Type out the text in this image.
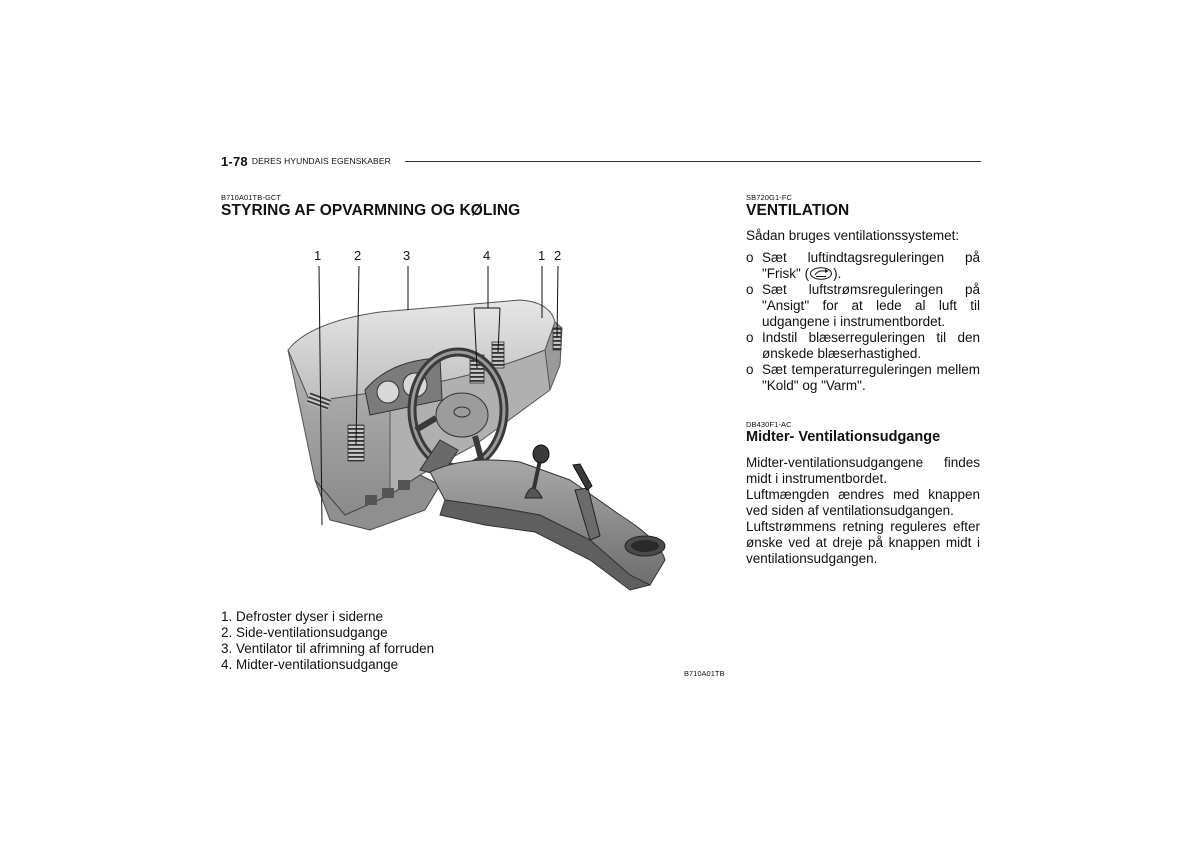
1-78 DERES HYUNDAIS EGENSKABER
B710A01TB-GCT
STYRING AF OPVARMNING OG KØLING
1	2	3	4	1 2
1. Defroster dyser i siderne
2. Side-ventilationsudgange
3. Ventilator til afrimning af forruden
4. Midter-ventilationsudgange
B710A01TB
SB720G1-FC
VENTILATION
Sådan bruges ventilationssystemet:
o Sæt luftindtagsreguleringen på "Frisk" ( ).
o Sæt luftstrømsreguleringen på "Ansigt" for at lede al luft til udgangene i instrumentbordet.
o Indstil blæserreguleringen til den ønskede blæserhastighed.
o Sæt temperaturreguleringen mellem "Kold" og "Varm".
DB430F1-AC
Midter- Ventilationsudgange

Midter-ventilationsudgangene findes midt i instrumentbordet.

Luftmængden ændres med knappen ved siden af ventilationsudgangen.

Luftstrømmens retning reguleres efter ønske ved at dreje på knappen midt i ventilationsudgangen.
